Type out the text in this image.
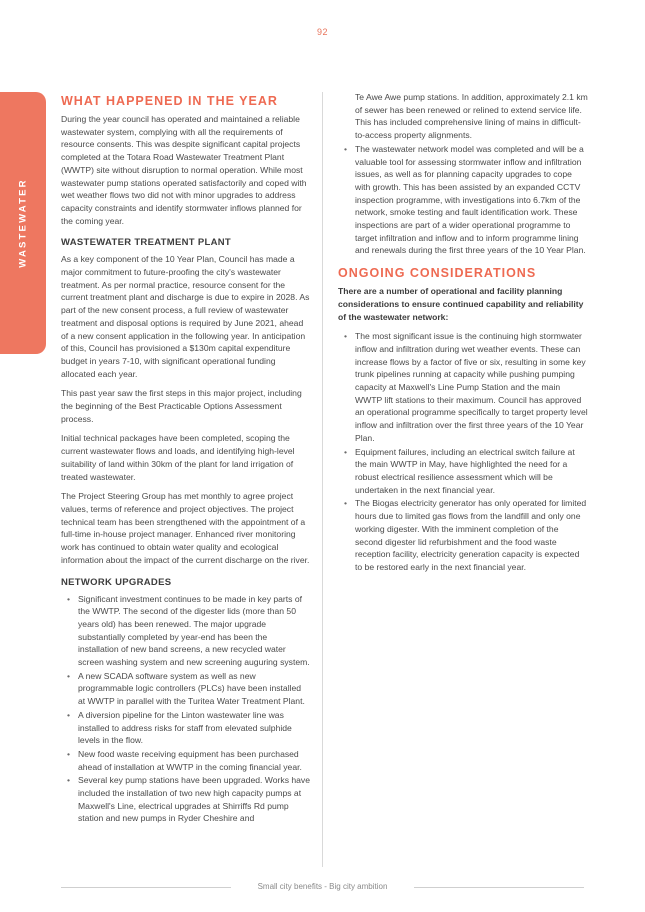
92
WASTEWATER
WHAT HAPPENED IN THE YEAR

During the year council has operated and maintained a reliable wastewater system, complying with all the requirements of resource consents. This was despite significant capital projects completed at the Totara Road Wastewater Treatment Plant (WWTP) site without disruption to normal operation. While most wastewater pump stations operated satisfactorily and coped with wet weather flows two did not with minor upgrades to address capacity constraints and identify stormwater inflows planned for the coming year.

WASTEWATER TREATMENT PLANT

As a key component of the 10 Year Plan, Council has made a major commitment to future-proofing the city's wastewater treatment. As per normal practice, resource consent for the current treatment plant and discharge is due to expire in 2028. As part of the new consent process, a full review of wastewater treatment and disposal options is required by June 2021, ahead of a new consent application in the following year. In anticipation of this, Council has provisioned a $130m capital expenditure budget in years 7-10, with significant operational funding allocated each year.

This past year saw the first steps in this major project, including the beginning of the Best Practicable Options Assessment process.

Initial technical packages have been completed, scoping the current wastewater flows and loads, and identifying high-level suitability of land within 30km of the plant for land irrigation of treated wastewater.

The Project Steering Group has met monthly to agree project values, terms of reference and project objectives. The project technical team has been strengthened with the appointment of a full-time in-house project manager. Enhanced river monitoring work has continued to obtain water quality and ecological information about the impact of the current discharge on the river.

NETWORK UPGRADES
• Significant investment continues to be made in key parts of the WWTP. The second of the digester lids (more than 50 years old) has been renewed. The major upgrade substantially completed by year-end has been the installation of new band screens, a new recycled water screen washing system and new screening auguring system.
• A new SCADA software system as well as new programmable logic controllers (PLCs) have been installed at WWTP in parallel with the Turitea Water Treatment Plant.
• A diversion pipeline for the Linton wastewater line was installed to address risks for staff from elevated sulphide levels in the flow.
• New food waste receiving equipment has been purchased ahead of installation at WWTP in the coming financial year.
• Several key pump stations have been upgraded. Works have included the installation of two new high capacity pumps at Maxwell's Line, electrical upgrades at Shirriffs Rd pump station and new pumps in Ryder Cheshire and
Te Awe Awe pump stations. In addition, approximately 2.1 km of sewer has been renewed or relined to extend service life. This has included comprehensive lining of mains in difficult-to-access property alignments.
• The wastewater network model was completed and will be a valuable tool for assessing stormwater inflow and infiltration issues, as well as for planning capacity upgrades to cope with growth. This has been assisted by an expanded CCTV inspection programme, with investigations into 6.7km of the network, smoke testing and fault identification work. These inspections are part of a wider operational programme to target infiltration and inflow and to inform programme lining and renewals during the first three years of the 10 Year Plan.
ONGOING CONSIDERATIONS

There are a number of operational and facility planning considerations to ensure continued capability and reliability of the wastewater network:

• The most significant issue is the continuing high stormwater inflow and infiltration during wet weather events. These can increase flows by a factor of five or six, resulting in some key trunk pipelines running at capacity while pushing pumping capacity at Maxwell's Line Pump Station and the main WWTP lift stations to their maximum. Council has approved an operational programme specifically to target property level inflow and infiltration over the first three years of the 10 Year Plan.
• Equipment failures, including an electrical switch failure at the main WWTP in May, have highlighted the need for a robust electrical resilience assessment which will be undertaken in the next financial year.
• The Biogas electricity generator has only operated for limited hours due to limited gas flows from the landfill and only one working digester. With the imminent completion of the second digester lid refurbishment and the food waste reception facility, electricity generation capacity is expected to be restored early in the next financial year.
Small city benefits - Big city ambition
